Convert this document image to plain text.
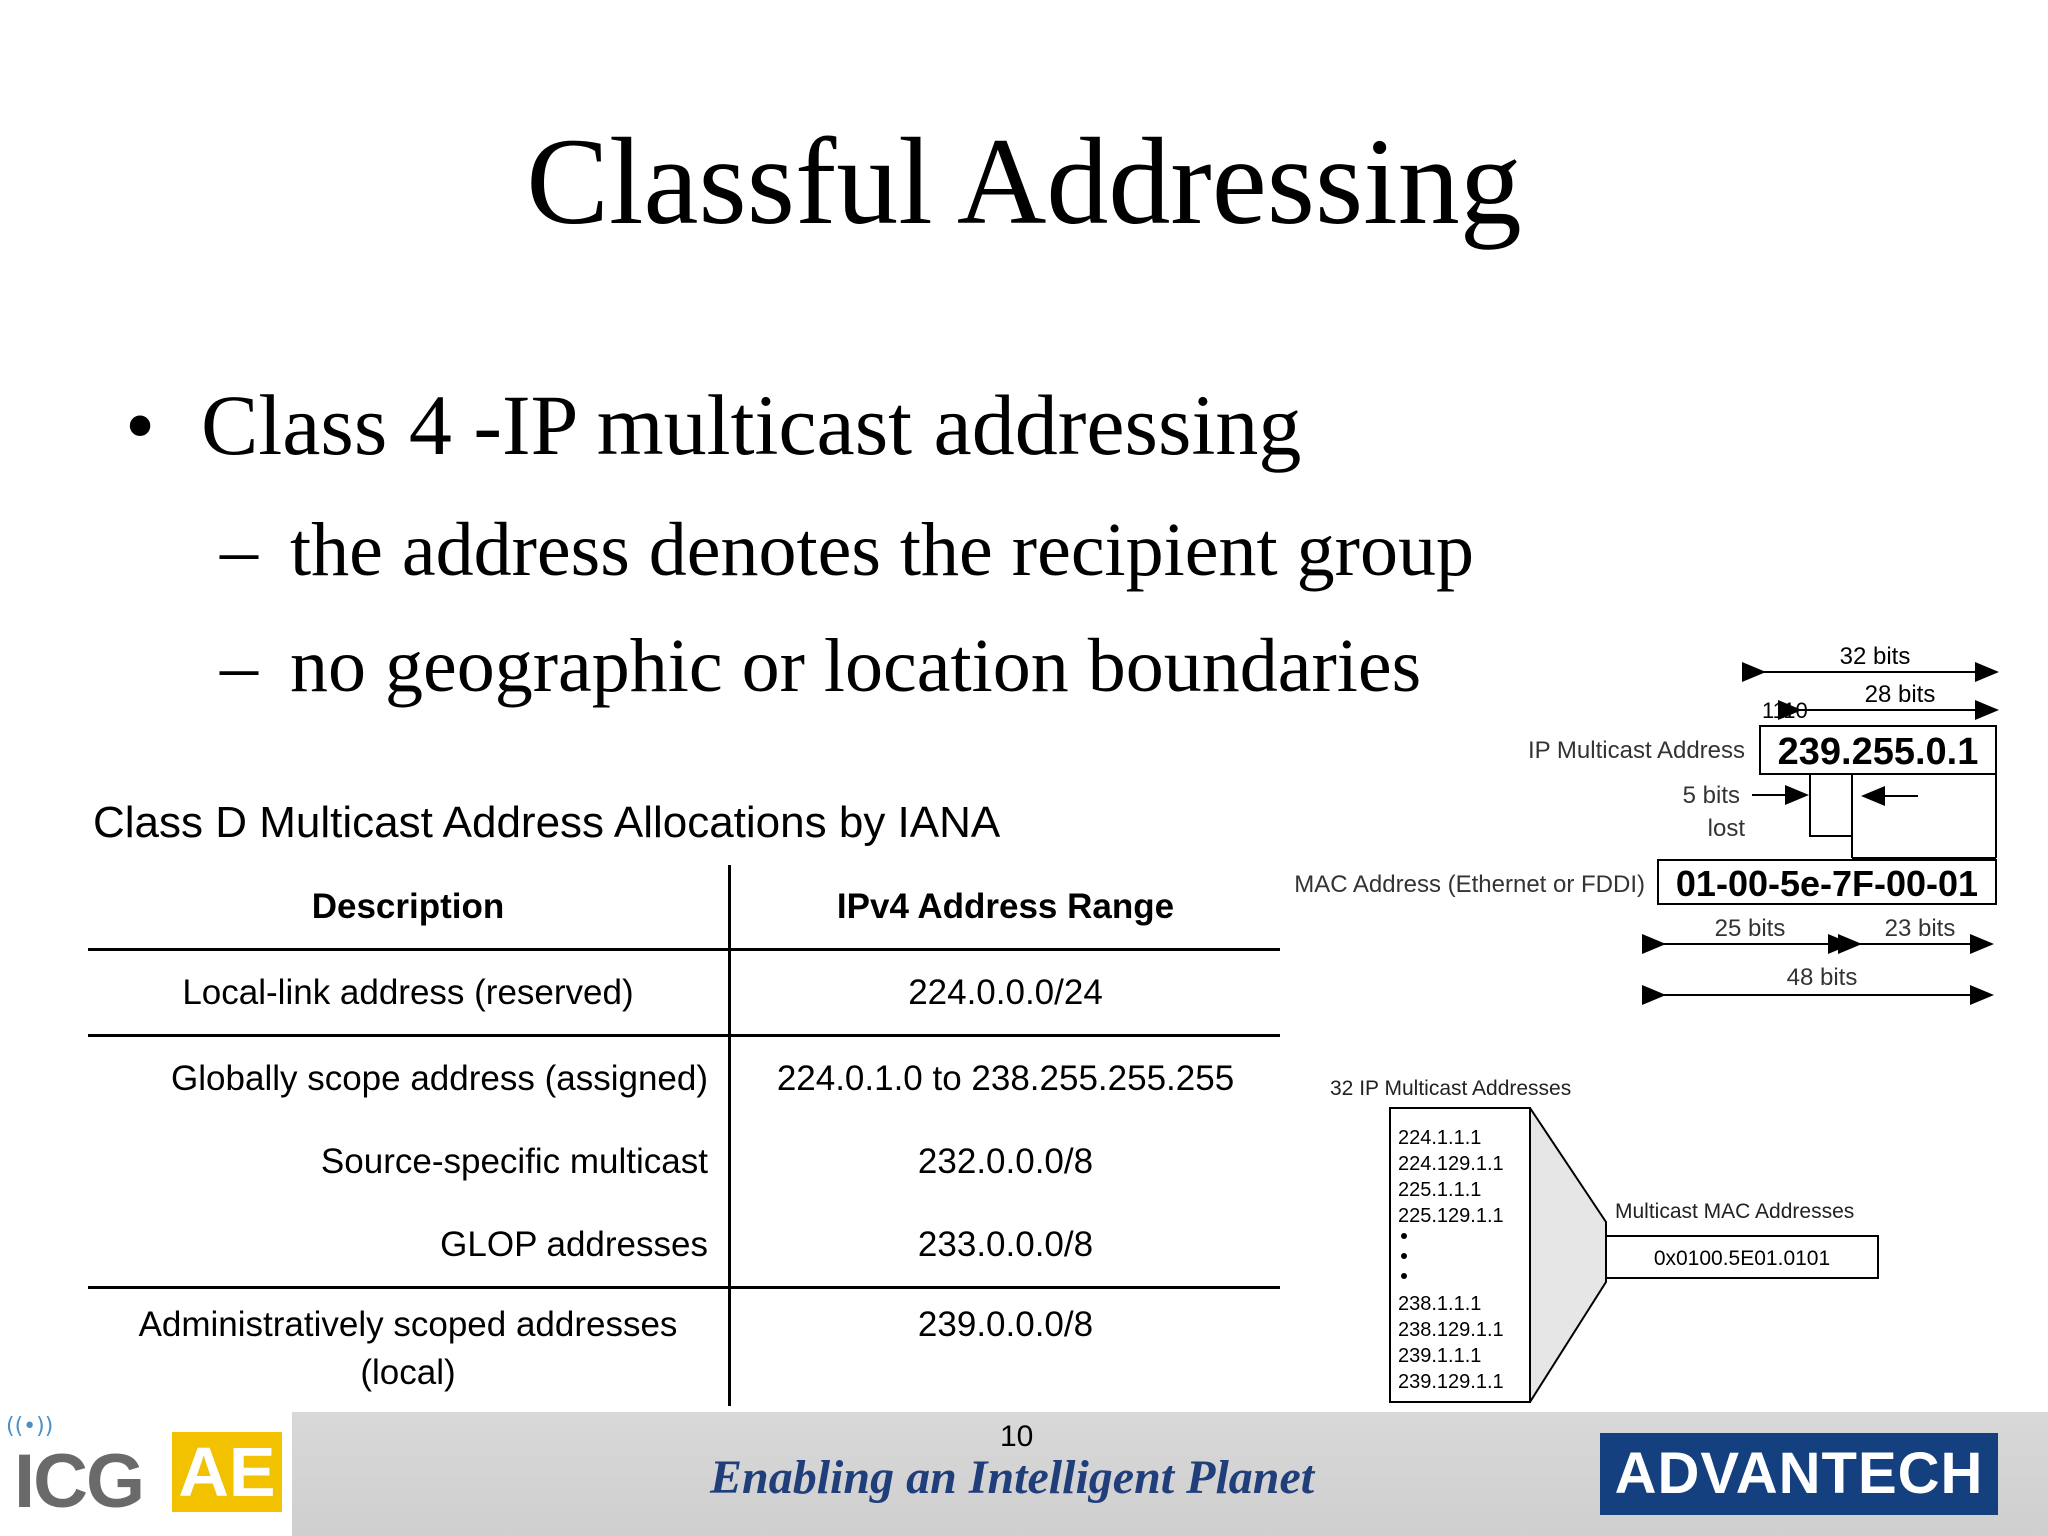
Classful Addressing
• Class 4 -IP multicast addressing
– the address denotes the recipient group
– no geographic or location boundaries
Class D Multicast Address Allocations by IANA
Description	IPv4 Address Range
Local-link address (reserved)	224.0.0.0/24
Globally scope address (assigned)	224.0.1.0 to 238.255.255.255
Source-specific multicast	232.0.0.0/8
GLOP addresses	233.0.0.0/8
Administratively scoped addresses (local)	239.0.0.0/8
32 bits
28 bits
1110
IP Multicast Address 239.255.0.1
5 bits
lost
MAC Address (Ethernet or FDDI) 01-00-5e-7F-00-01
25 bits	23 bits
48 bits
32 IP Multicast Addresses
224.1.1.1
224.129.1.1
225.1.1.1
225.129.1.1
238.1.1.1
238.129.1.1
239.1.1.1
239.129.1.1
Multicast MAC Addresses
0x0100.5E01.0101
((•))
ICG AE	10
Enabling an Intelligent Planet	ADVANTECH
